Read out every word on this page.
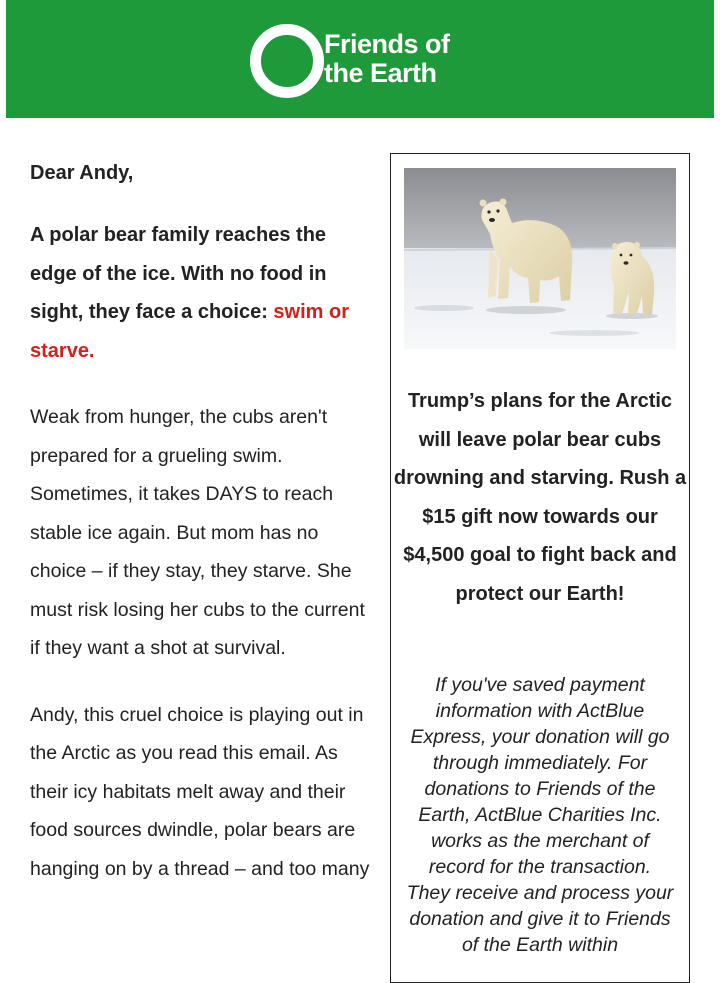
Friends of
the Earth

Dear Andy,

A polar bear family reaches the edge of the ice. With no food in sight, they face a choice: swim or starve.

Weak from hunger, the cubs aren't prepared for a grueling swim. Sometimes, it takes DAYS to reach stable ice again. But mom has no choice – if they stay, they starve. She must risk losing her cubs to the current if they want a shot at survival.

Andy, this cruel choice is playing out in the Arctic as you read this email. As their icy habitats melt away and their food sources dwindle, polar bears are hanging on by a thread – and too many

Trump’s plans for the Arctic will leave polar bear cubs drowning and starving. Rush a $15 gift now towards our $4,500 goal to fight back and protect our Earth!

If you've saved payment information with ActBlue Express, your donation will go through immediately. For donations to Friends of the Earth, ActBlue Charities Inc. works as the merchant of record for the transaction. They receive and process your donation and give it to Friends of the Earth within
